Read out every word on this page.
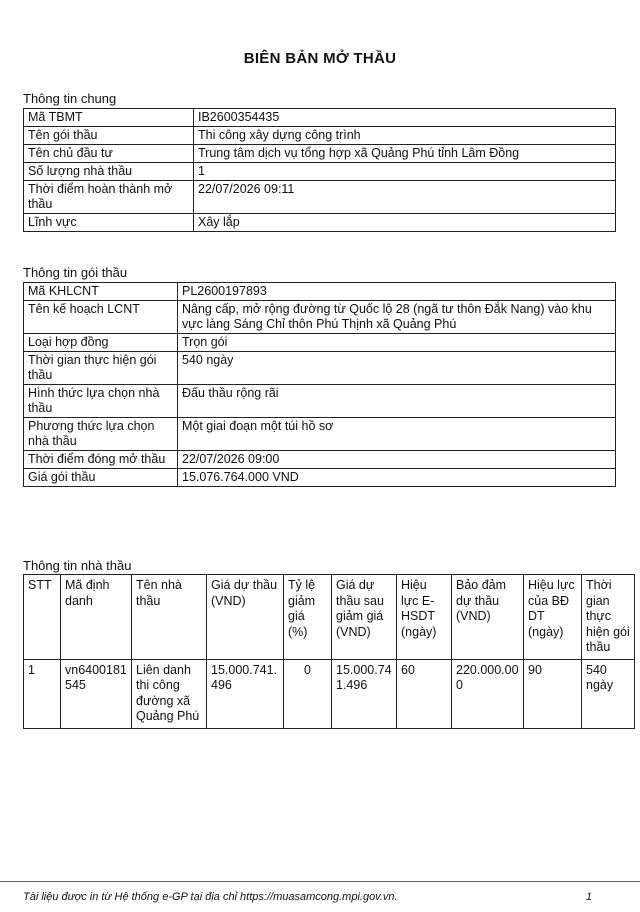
BIÊN BẢN MỞ THẦU
Thông tin chung
Mã TBMT	IB2600354435
Tên gói thầu	Thi công xây dựng công trình
Tên chủ đầu tư	Trung tâm dịch vụ tổng hợp xã Quảng Phú tỉnh Lâm Đồng
Số lượng nhà thầu	1
Thời điểm hoàn thành mở thầu	22/07/2026 09:11
Lĩnh vực	Xây lắp
Thông tin gói thầu
Mã KHLCNT	PL2600197893
Tên kế hoạch LCNT	Nâng cấp, mở rộng đường từ Quốc lộ 28 (ngã tư thôn Đắk Nang) vào khu vực làng Sáng Chỉ thôn Phú Thịnh xã Quảng Phú
Loại hợp đồng	Trọn gói
Thời gian thực hiện gói thầu	540 ngày
Hình thức lựa chọn nhà thầu	Đấu thầu rộng rãi
Phương thức lựa chọn nhà thầu	Một giai đoạn một túi hồ sơ
Thời điểm đóng mở thầu	22/07/2026 09:00
Giá gói thầu	15.076.764.000 VND
Thông tin nhà thầu
STT	Mã định danh	Tên nhà thầu	Giá dự thầu (VND)	Tỷ lệ giảm giá (%)	Giá dự thầu sau giảm giá (VND)	Hiệu lực E-HSDT (ngày)	Bảo đảm dự thầu (VND)	Hiệu lực của BĐ DT (ngày)	Thời gian thực hiện gói thầu
1	vn6400181545	Liên danh thi công đường xã Quảng Phú	15.000.741.496	0	15.000.741.496	60	220.000.000	90	540 ngày
Tài liệu được in từ Hệ thống e-GP tại địa chỉ https://muasamcong.mpi.gov.vn.	1
